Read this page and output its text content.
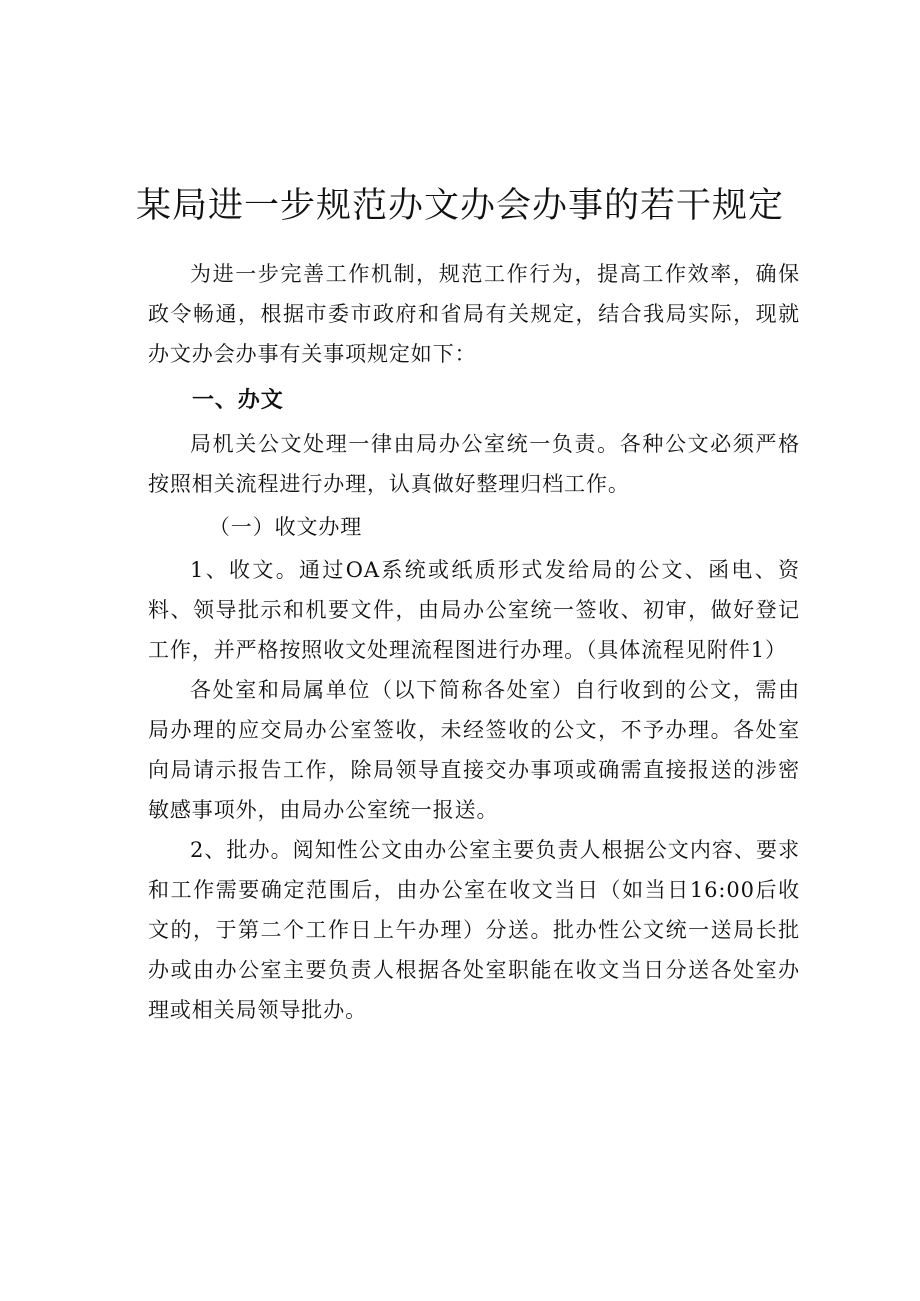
某局进一步规范办文办会办事的若干规定

为进一步完善工作机制，规范工作行为，提高工作效率，确保政令畅通，根据市委市政府和省局有关规定，结合我局实际，现就办文办会办事有关事项规定如下：

一、办文

局机关公文处理一律由局办公室统一负责。各种公文必须严格按照相关流程进行办理，认真做好整理归档工作。

（一）收文办理

1、收文。通过OA系统或纸质形式发给局的公文、函电、资料、领导批示和机要文件，由局办公室统一签收、初审，做好登记工作，并严格按照收文处理流程图进行办理。（具体流程见附件1）

各处室和局属单位（以下简称各处室）自行收到的公文，需由局办理的应交局办公室签收，未经签收的公文，不予办理。各处室向局请示报告工作，除局领导直接交办事项或确需直接报送的涉密敏感事项外，由局办公室统一报送。

2、批办。阅知性公文由办公室主要负责人根据公文内容、要求和工作需要确定范围后，由办公室在收文当日（如当日16:00后收文的，于第二个工作日上午办理）分送。批办性公文统一送局长批办或由办公室主要负责人根据各处室职能在收文当日分送各处室办理或相关局领导批办。
